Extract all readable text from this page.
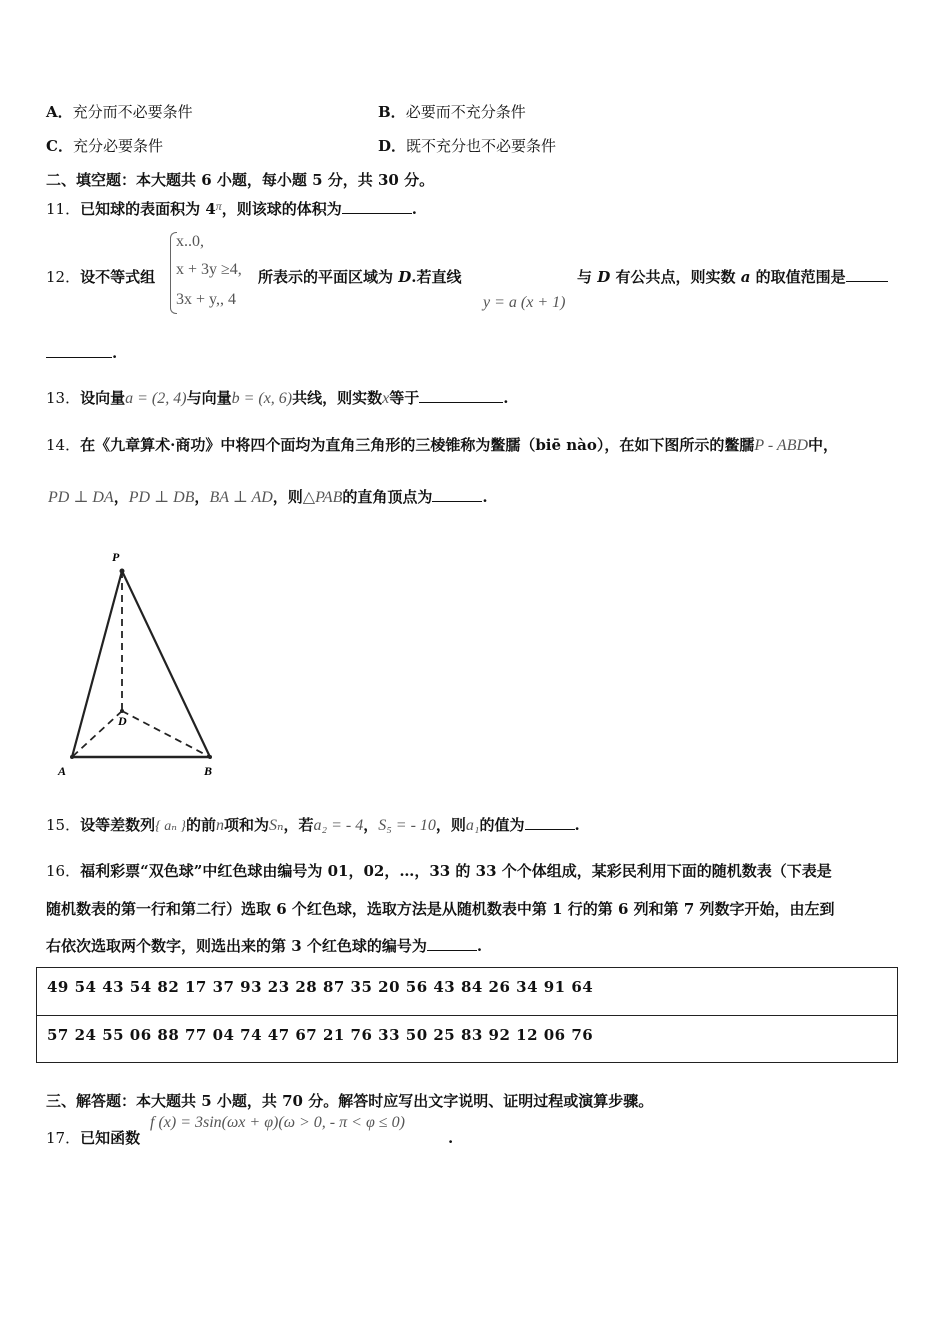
A．充分而不必要条件	B．必要而不充分条件
C．充分必要条件	D．既不充分也不必要条件
二、填空题：本大题共 6 小题，每小题 5 分，共 30 分。
11．已知球的表面积为 $4^\pi$，则该球的体积为	.
12．设不等式组
x..0,
x + 3y ≥4,
3x + y,, 4
所表示的平面区域为 D.若直线
y = a (x + 1)
与 D 有公共点，则实数 a 的取值范围是
.
13．设向量a = (2, 4)与向量b = (x, 6)共线，则实数x等于	.
14．在《九章算术·商功》中将四个面均为直角三角形的三棱锥称为鳖臑（biē nào），在如下图所示的鳖臑P - ABD中，
PD ⊥ DA，PD ⊥ DB，BA ⊥ AD，则△PAB的直角顶点为	.
P
D
A	B
15．设等差数列{ aₙ }的前n项和为Sₙ，若a₂ = - 4，S₅ = - 10，则a₁的值为	.
16．福利彩票“双色球”中红色球由编号为 01，02，…，33 的 33 个个体组成，某彩民利用下面的随机数表（下表是
随机数表的第一行和第二行）选取 6 个红色球，选取方法是从随机数表中第 1 行的第 6 列和第 7 列数字开始，由左到
右依次选取两个数字，则选出来的第 3 个红色球的编号为	.
49 54 43 54 82 17 37 93 23 28 87 35 20 56 43 84 26 34 91 64
57 24 55 06 88 77 04 74 47 67 21 76 33 50 25 83 92 12 06 76
三、解答题：本大题共 5 小题，共 70 分。解答时应写出文字说明、证明过程或演算步骤。
17．已知函数
f (x) = 3sin(ωx + φ)(ω > 0, - π < φ ≤ 0)
.
